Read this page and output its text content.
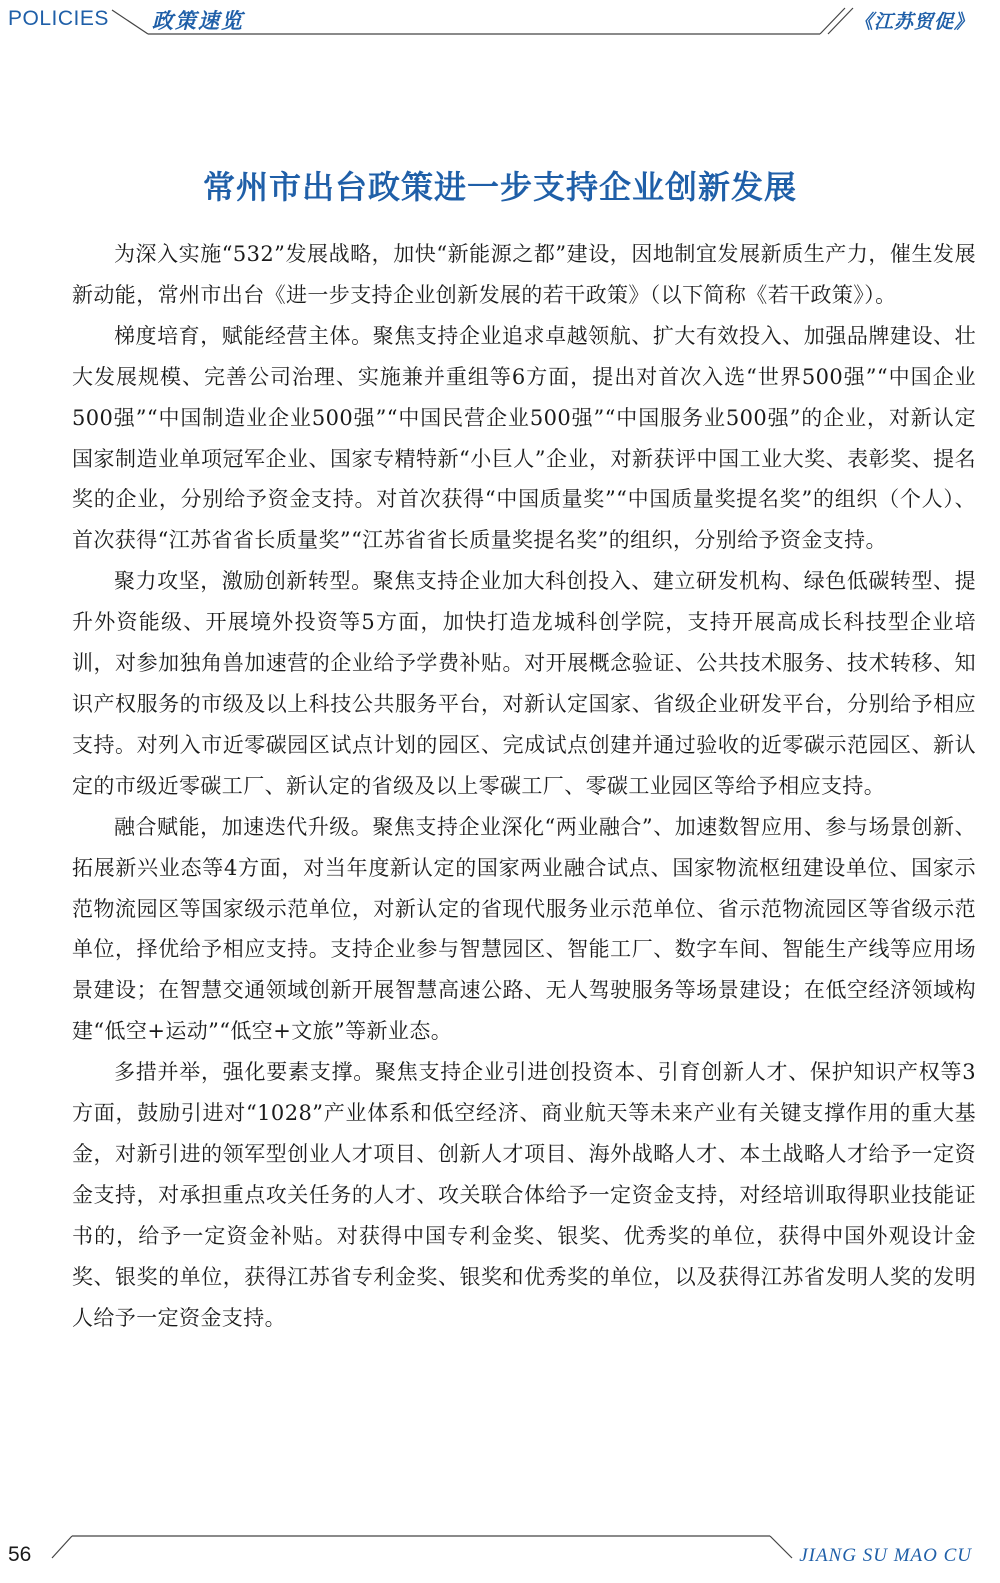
POLICIES 政策速览	《江苏贸促》
常州市出台政策进一步支持企业创新发展

为深入实施“532”发展战略，加快“新能源之都”建设，因地制宜发展新质生产力，催生发展新动能，常州市出台《进一步支持企业创新发展的若干政策》（以下简称《若干政策》）。

梯度培育，赋能经营主体。聚焦支持企业追求卓越领航、扩大有效投入、加强品牌建设、壮大发展规模、完善公司治理、实施兼并重组等6方面，提出对首次入选“世界500强”“中国企业500强”“中国制造业企业500强”“中国民营企业500强”“中国服务业500强”的企业，对新认定国家制造业单项冠军企业、国家专精特新“小巨人”企业，对新获评中国工业大奖、表彰奖、提名奖的企业，分别给予资金支持。对首次获得“中国质量奖”“中国质量奖提名奖”的组织（个人）、首次获得“江苏省省长质量奖”“江苏省省长质量奖提名奖”的组织，分别给予资金支持。

聚力攻坚，激励创新转型。聚焦支持企业加大科创投入、建立研发机构、绿色低碳转型、提升外资能级、开展境外投资等5方面，加快打造龙城科创学院，支持开展高成长科技型企业培训，对参加独角兽加速营的企业给予学费补贴。对开展概念验证、公共技术服务、技术转移、知识产权服务的市级及以上科技公共服务平台，对新认定国家、省级企业研发平台，分别给予相应支持。对列入市近零碳园区试点计划的园区、完成试点创建并通过验收的近零碳示范园区、新认定的市级近零碳工厂、新认定的省级及以上零碳工厂、零碳工业园区等给予相应支持。

融合赋能，加速迭代升级。聚焦支持企业深化“两业融合”、加速数智应用、参与场景创新、拓展新兴业态等4方面，对当年度新认定的国家两业融合试点、国家物流枢纽建设单位、国家示范物流园区等国家级示范单位，对新认定的省现代服务业示范单位、省示范物流园区等省级示范单位，择优给予相应支持。支持企业参与智慧园区、智能工厂、数字车间、智能生产线等应用场景建设；在智慧交通领域创新开展智慧高速公路、无人驾驶服务等场景建设；在低空经济领域构建“低空+运动”“低空+文旅”等新业态。

多措并举，强化要素支撑。聚焦支持企业引进创投资本、引育创新人才、保护知识产权等3方面，鼓励引进对“1028”产业体系和低空经济、商业航天等未来产业有关键支撑作用的重大基金，对新引进的领军型创业人才项目、创新人才项目、海外战略人才、本土战略人才给予一定资金支持，对承担重点攻关任务的人才、攻关联合体给予一定资金支持，对经培训取得职业技能证书的，给予一定资金补贴。对获得中国专利金奖、银奖、优秀奖的单位，获得中国外观设计金奖、银奖的单位，获得江苏省专利金奖、银奖和优秀奖的单位，以及获得江苏省发明人奖的发明人给予一定资金支持。

56	JIANG SU MAO CU
